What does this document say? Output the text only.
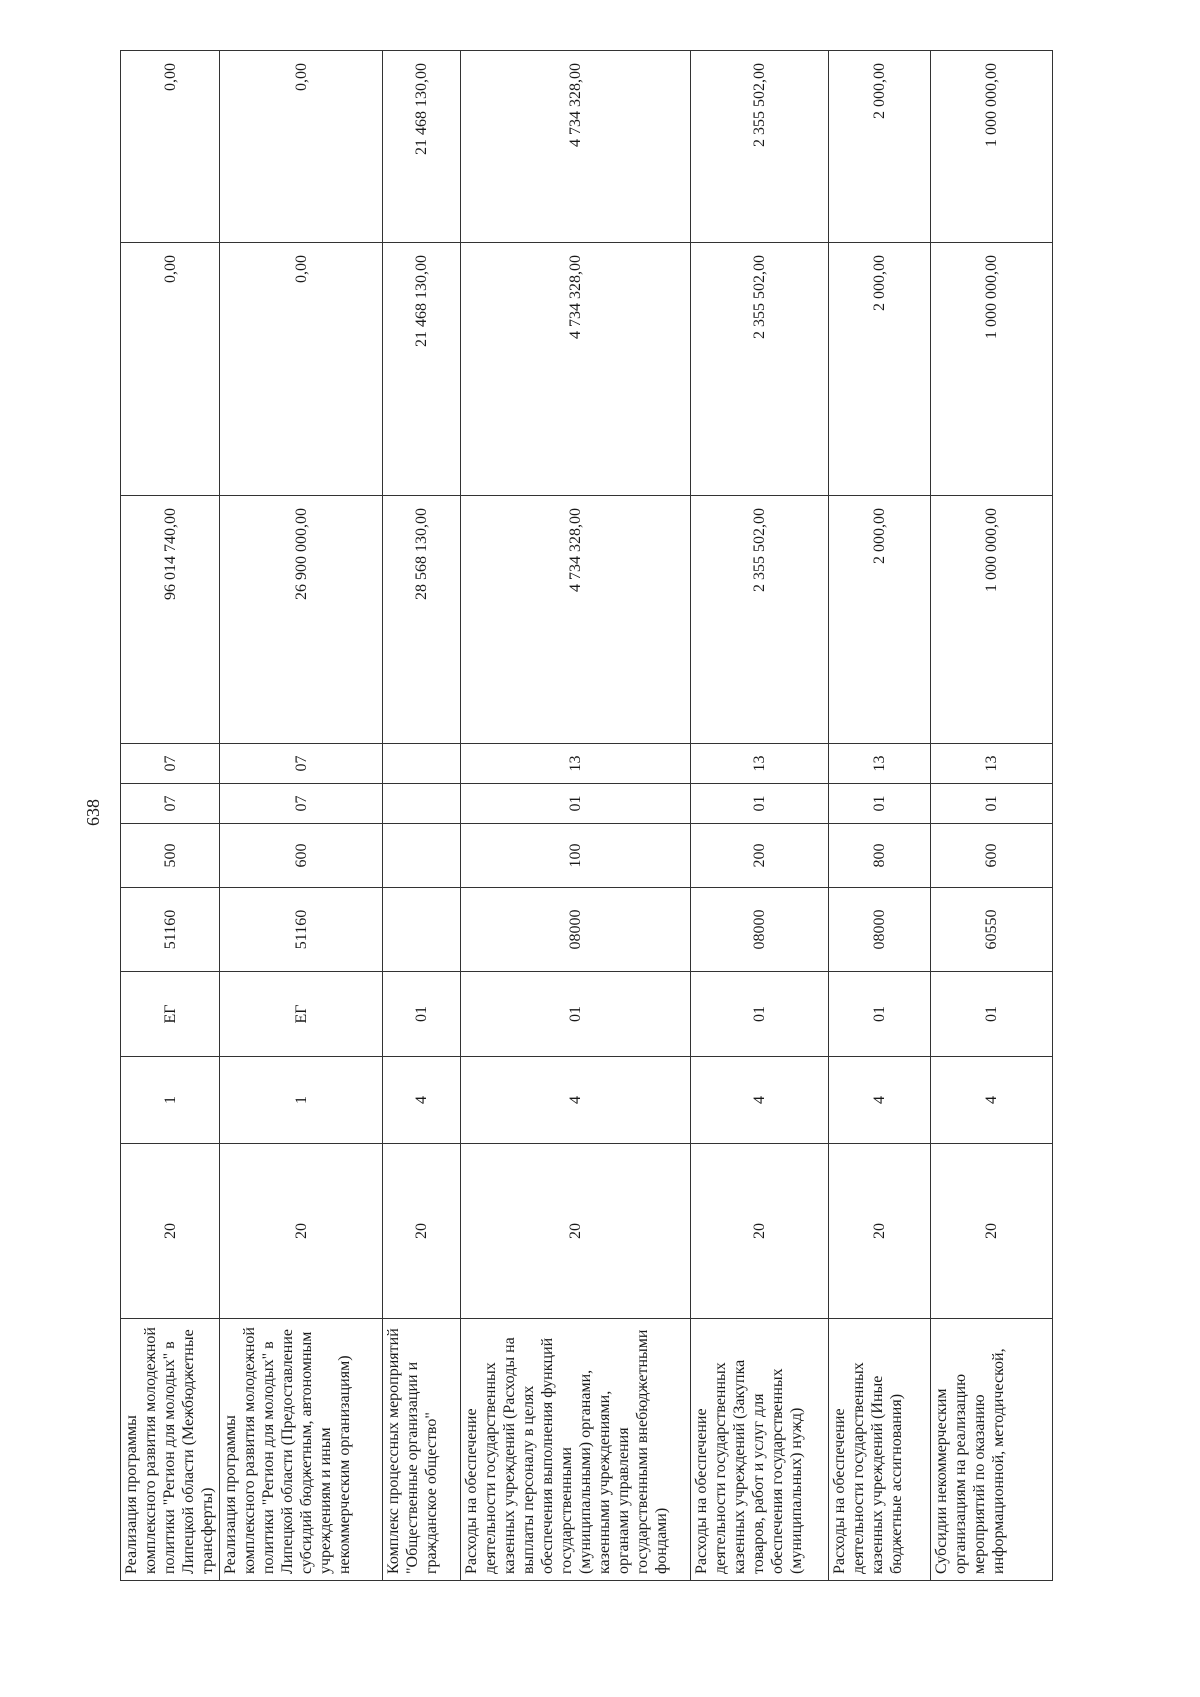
638
Реализация программы комплексного развития молодежной политики "Регион для молодых" в Липецкой области (Межбюджетные трансферты)	20	1	ЕГ	51160	500	07	07	96 014 740,00	0,00	0,00
Реализация программы комплексного развития молодежной политики "Регион для молодых" в Липецкой области (Предоставление субсидий бюджетным, автономным учреждениям и иным некоммерческим организациям)	20	1	ЕГ	51160	600	07	07	26 900 000,00	0,00	0,00
Комплекс процессных мероприятий "Общественные организации и гражданское общество"	20	4	01					28 568 130,00	21 468 130,00	21 468 130,00
Расходы на обеспечение деятельности государственных казенных учреждений (Расходы на выплаты персоналу в целях обеспечения выполнения функций государственными (муниципальными) органами, казенными учреждениями, органами управления государственными внебюджетными фондами)	20	4	01	08000	100	01	13	4 734 328,00	4 734 328,00	4 734 328,00
Расходы на обеспечение деятельности государственных казенных учреждений (Закупка товаров, работ и услуг для обеспечения государственных (муниципальных) нужд)	20	4	01	08000	200	01	13	2 355 502,00	2 355 502,00	2 355 502,00
Расходы на обеспечение деятельности государственных казенных учреждений (Иные бюджетные ассигнования)	20	4	01	08000	800	01	13	2 000,00	2 000,00	2 000,00
Субсидии некоммерческим организациям на реализацию мероприятий по оказанию информационной, методической,	20	4	01	60550	600	01	13	1 000 000,00	1 000 000,00	1 000 000,00
